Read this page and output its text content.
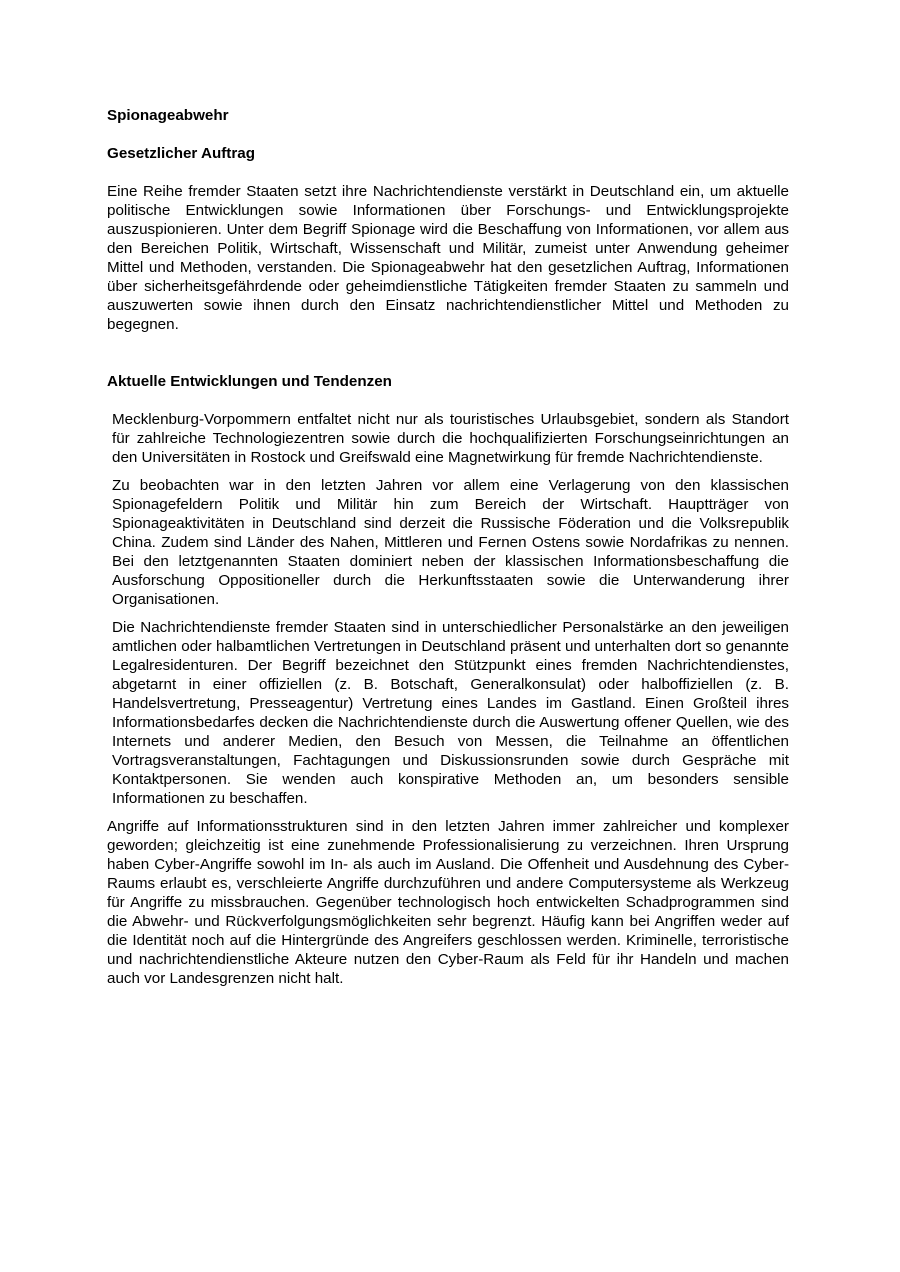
Spionageabwehr
Gesetzlicher Auftrag

Eine Reihe fremder Staaten setzt ihre Nachrichtendienste verstärkt in Deutschland ein, um aktuelle politische Entwicklungen sowie Informationen über Forschungs- und Entwicklungsprojekte auszuspionieren. Unter dem Begriff Spionage wird die Beschaffung von Informationen, vor allem aus den Bereichen Politik, Wirtschaft, Wissenschaft und Militär, zumeist unter Anwendung geheimer Mittel und Methoden, verstanden. Die Spionageabwehr hat den gesetzlichen Auftrag, Informationen über sicherheitsgefährdende oder geheimdienstliche Tätigkeiten fremder Staaten zu sammeln und auszuwerten sowie ihnen durch den Einsatz nachrichtendienstlicher Mittel und Methoden zu begegnen.

Aktuelle Entwicklungen und Tendenzen

Mecklenburg-Vorpommern entfaltet nicht nur als touristisches Urlaubsgebiet, sondern als Standort für zahlreiche Technologiezentren sowie durch die hochqualifizierten Forschungseinrichtungen an den Universitäten in Rostock und Greifswald eine Magnetwirkung für fremde Nachrichtendienste.

Zu beobachten war in den letzten Jahren vor allem eine Verlagerung von den klassischen Spionagefeldern Politik und Militär hin zum Bereich der Wirtschaft. Hauptträger von Spionageaktivitäten in Deutschland sind derzeit die Russische Föderation und die Volksrepublik China. Zudem sind Länder des Nahen, Mittleren und Fernen Ostens sowie Nordafrikas zu nennen. Bei den letztgenannten Staaten dominiert neben der klassischen Informationsbeschaffung die Ausforschung Oppositioneller durch die Herkunftsstaaten sowie die Unterwanderung ihrer Organisationen.

Die Nachrichtendienste fremder Staaten sind in unterschiedlicher Personalstärke an den jeweiligen amtlichen oder halbamtlichen Vertretungen in Deutschland präsent und unterhalten dort so genannte Legalresidenturen. Der Begriff bezeichnet den Stützpunkt eines fremden Nachrichtendienstes, abgetarnt in einer offiziellen (z. B. Botschaft, Generalkonsulat) oder halboffiziellen (z. B. Handelsvertretung, Presseagentur) Vertretung eines Landes im Gastland. Einen Großteil ihres Informationsbedarfes decken die Nachrichtendienste durch die Auswertung offener Quellen, wie des Internets und anderer Medien, den Besuch von Messen, die Teilnahme an öffentlichen Vortragsveranstaltungen, Fachtagungen und Diskussionsrunden sowie durch Gespräche mit Kontaktpersonen. Sie wenden auch konspirative Methoden an, um besonders sensible Informationen zu beschaffen.

Angriffe auf Informationsstrukturen sind in den letzten Jahren immer zahlreicher und komplexer geworden; gleichzeitig ist eine zunehmende Professionalisierung zu verzeichnen. Ihren Ursprung haben Cyber-Angriffe sowohl im In- als auch im Ausland. Die Offenheit und Ausdehnung des Cyber-Raums erlaubt es, verschleierte Angriffe durchzuführen und andere Computersysteme als Werkzeug für Angriffe zu missbrauchen. Gegenüber technologisch hoch entwickelten Schadprogrammen sind die Abwehr- und Rückverfolgungsmöglichkeiten sehr begrenzt. Häufig kann bei Angriffen weder auf die Identität noch auf die Hintergründe des Angreifers geschlossen werden. Kriminelle, terroristische und nachrichtendienstliche Akteure nutzen den Cyber-Raum als Feld für ihr Handeln und machen auch vor Landesgrenzen nicht halt.
